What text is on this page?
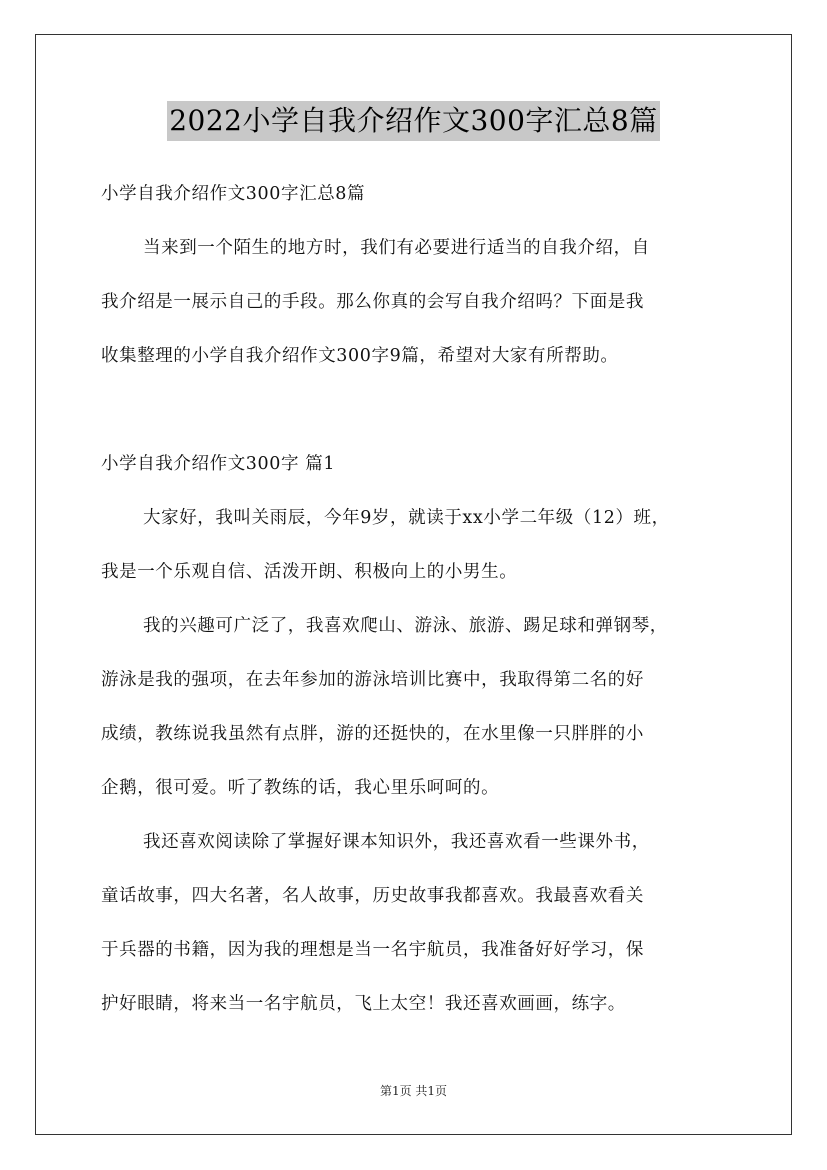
2022小学自我介绍作文300字汇总8篇
小学自我介绍作文300字汇总8篇
当来到一个陌生的地方时，我们有必要进行适当的自我介绍，自
我介绍是一展示自己的手段。那么你真的会写自我介绍吗？下面是我
收集整理的小学自我介绍作文300字9篇，希望对大家有所帮助。
小学自我介绍作文300字 篇1
大家好，我叫关雨辰，今年9岁，就读于xx小学二年级（12）班，
我是一个乐观自信、活泼开朗、积极向上的小男生。
我的兴趣可广泛了，我喜欢爬山、游泳、旅游、踢足球和弹钢琴，
游泳是我的强项，在去年参加的游泳培训比赛中，我取得第二名的好
成绩，教练说我虽然有点胖，游的还挺快的，在水里像一只胖胖的小
企鹅，很可爱。听了教练的话，我心里乐呵呵的。
我还喜欢阅读除了掌握好课本知识外，我还喜欢看一些课外书，
童话故事，四大名著，名人故事，历史故事我都喜欢。我最喜欢看关
于兵器的书籍，因为我的理想是当一名宇航员，我准备好好学习，保
护好眼睛，将来当一名宇航员，飞上太空！我还喜欢画画，练字。
第1页 共1页
